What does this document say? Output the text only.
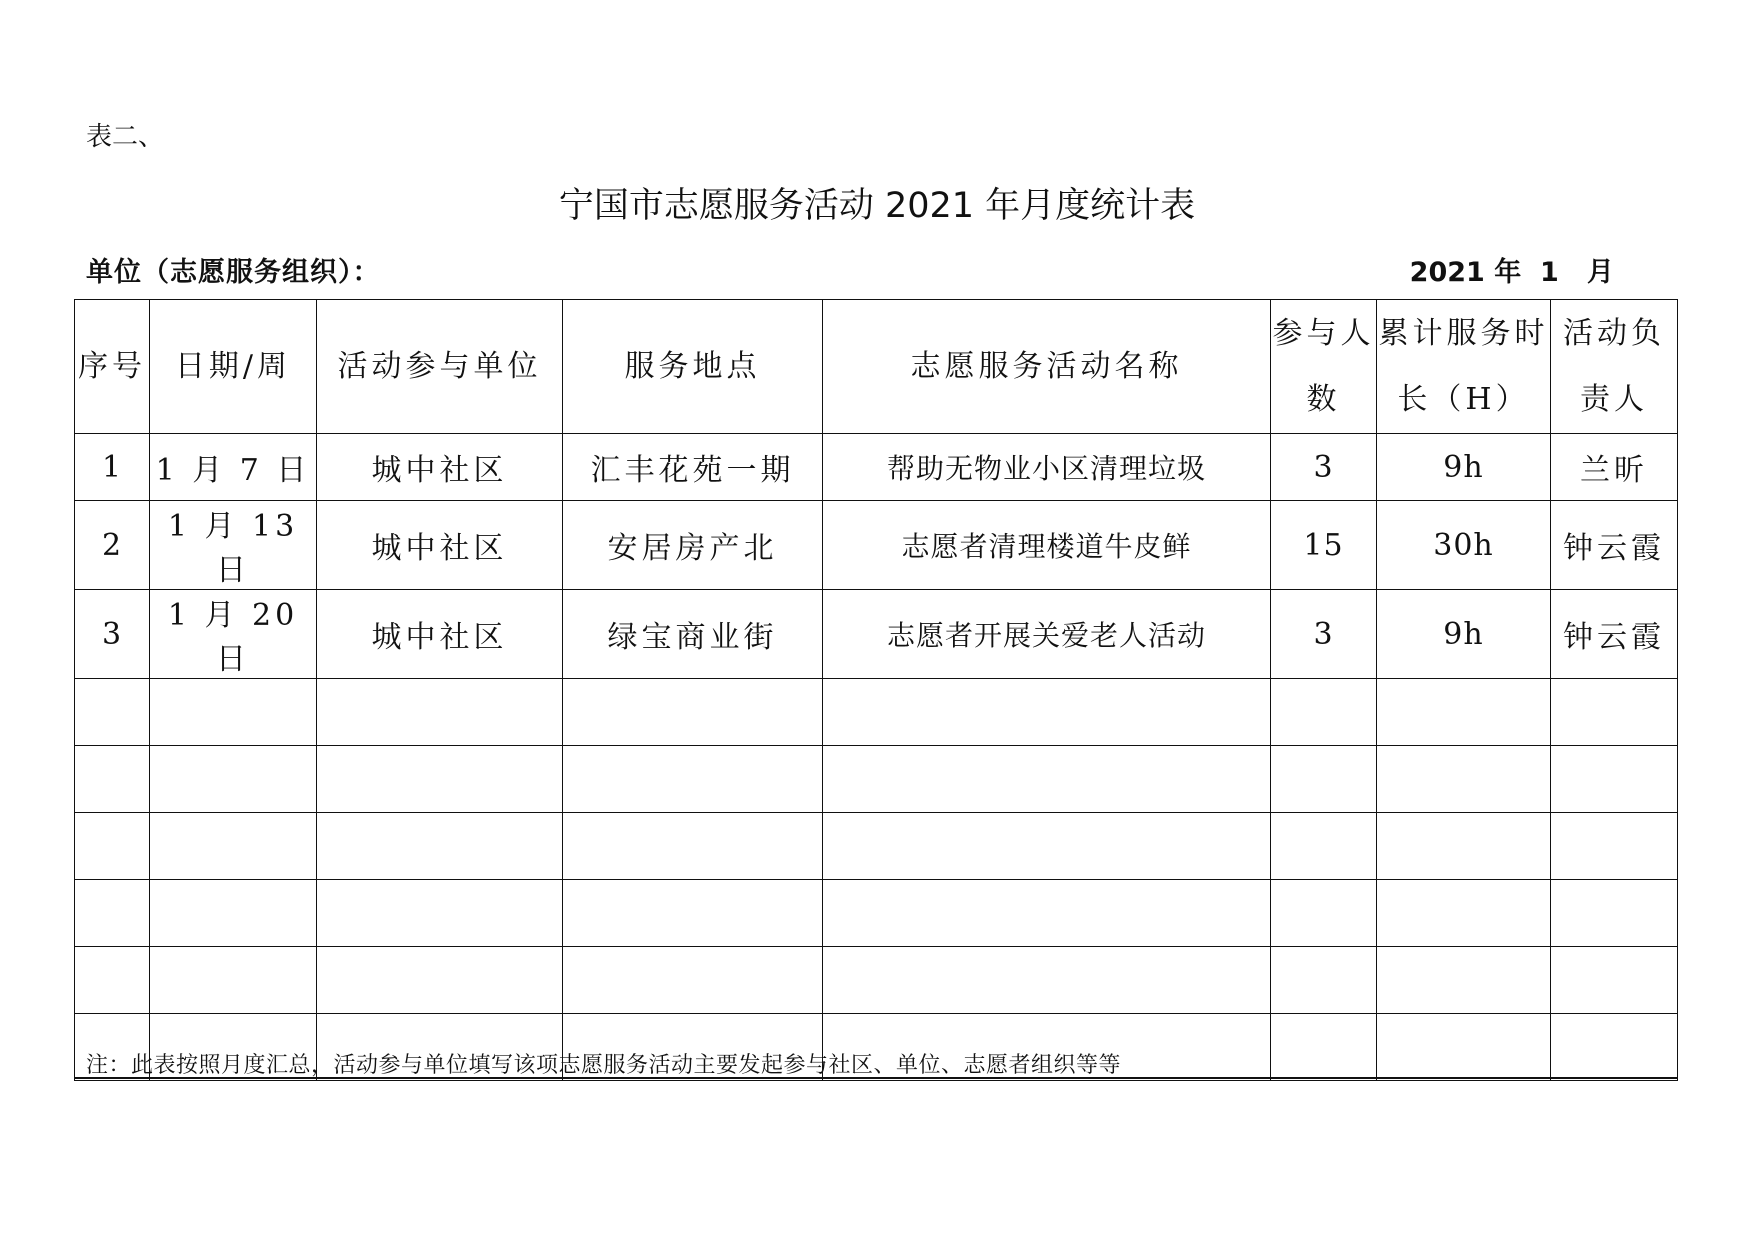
表二、
宁国市志愿服务活动 2021 年月度统计表
单位（志愿服务组织）：	2021 年  1   月
序号	日期/周	活动参与单位	服务地点	志愿服务活动名称	参与人数	累计服务时长（H）	活动负责人
1	1 月 7 日	城中社区	汇丰花苑一期	帮助无物业小区清理垃圾	3	9h	兰昕
2	1 月 13 日	城中社区	安居房产北	志愿者清理楼道牛皮鲜	15	30h	钟云霞
3	1 月 20 日	城中社区	绿宝商业街	志愿者开展关爱老人活动	3	9h	钟云霞

注：此表按照月度汇总，活动参与单位填写该项志愿服务活动主要发起参与社区、单位、志愿者组织等等
